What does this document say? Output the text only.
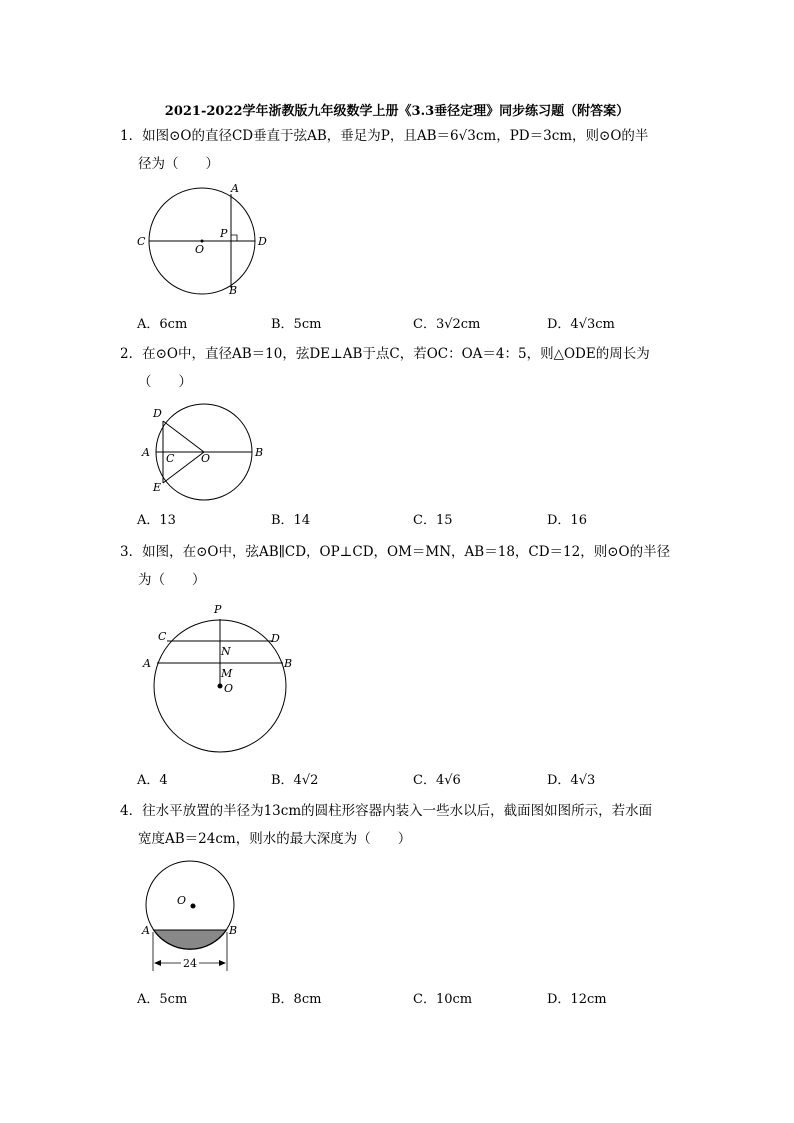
2021-2022学年浙教版九年级数学上册《3.3垂径定理》同步练习题（附答案）
1．如图⊙O的直径CD垂直于弦AB，垂足为P，且AB＝6√3cm，PD＝3cm，则⊙O的半
径为（　　）
A
B
C	D
O
P
A．6cm	B．5cm	C．3√2cm	D．4√3cm
2．在⊙O中，直径AB＝10，弦DE⊥AB于点C，若OC：OA＝4：5，则△ODE的周长为
（　　）
D
E
A	B
C O
A．13	B．14	C．15	D．16
3．如图，在⊙O中，弦AB∥CD，OP⊥CD，OM＝MN，AB＝18，CD＝12，则⊙O的半径
为（　　）
P
C	D
A	B
N
M
O
A．4	B．4√2	C．4√6	D．4√3
4．往水平放置的半径为13cm的圆柱形容器内装入一些水以后，截面图如图所示，若水面
宽度AB＝24cm，则水的最大深度为（　　）
24
O
A	B
A．5cm	B．8cm	C．10cm	D．12cm
